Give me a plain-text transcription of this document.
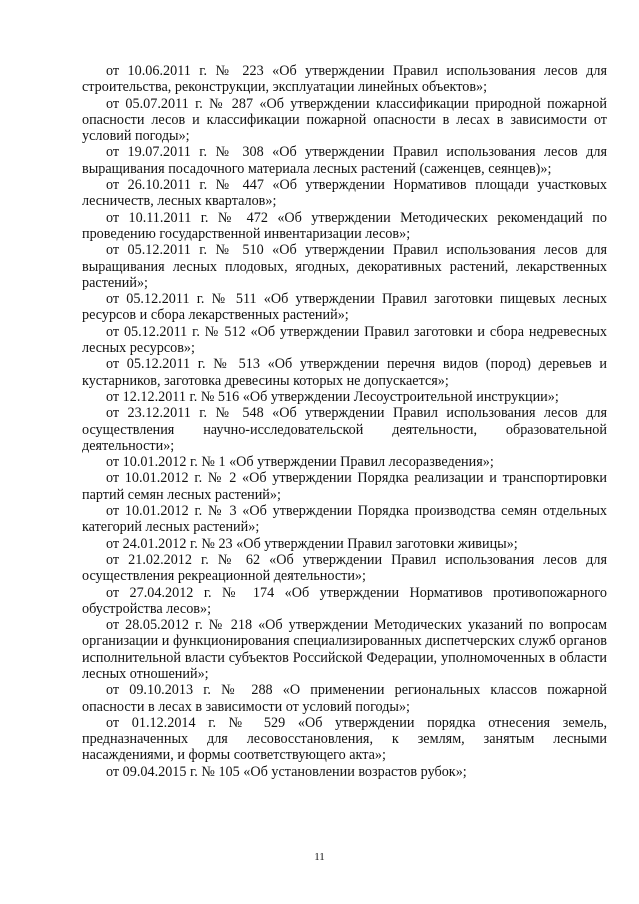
от 10.06.2011 г. № 223 «Об утверждении Правил использования лесов для строительства, реконструкции, эксплуатации линейных объектов»;

от 05.07.2011 г. № 287 «Об утверждении классификации природной пожарной опасности лесов и классификации пожарной опасности в лесах в зависимости от условий погоды»;

от 19.07.2011 г. № 308 «Об утверждении Правил использования лесов для выращивания посадочного материала лесных растений (саженцев, сеянцев)»;

от 26.10.2011 г. № 447 «Об утверждении Нормативов площади участковых лесничеств, лесных кварталов»;

от 10.11.2011 г. № 472 «Об утверждении Методических рекомендаций по проведению государственной инвентаризации лесов»;

от 05.12.2011 г. № 510 «Об утверждении Правил использования лесов для выращивания лесных плодовых, ягодных, декоративных растений, лекарственных растений»;

от 05.12.2011 г. № 511 «Об утверждении Правил заготовки пищевых лесных ресурсов и сбора лекарственных растений»;

от 05.12.2011 г. № 512 «Об утверждении Правил заготовки и сбора недревесных лесных ресурсов»;

от 05.12.2011 г. № 513 «Об утверждении перечня видов (пород) деревьев и кустарников, заготовка древесины которых не допускается»;

от 12.12.2011 г. № 516 «Об утверждении Лесоустроительной инструкции»;

от 23.12.2011 г. № 548 «Об утверждении Правил использования лесов для осуществления научно-исследовательской деятельности, образовательной деятельности»;

от 10.01.2012 г. № 1 «Об утверждении Правил лесоразведения»;

от 10.01.2012 г. № 2 «Об утверждении Порядка реализации и транспортировки партий семян лесных растений»;

от 10.01.2012 г. № 3 «Об утверждении Порядка производства семян отдельных категорий лесных растений»;

от 24.01.2012 г. № 23 «Об утверждении Правил заготовки живицы»;

от 21.02.2012 г. № 62 «Об утверждении Правил использования лесов для осуществления рекреационной деятельности»;

от 27.04.2012 г. № 174 «Об утверждении Нормативов противопожарного обустройства лесов»;

от 28.05.2012 г. № 218 «Об утверждении Методических указаний по вопросам организации и функционирования специализированных диспетчерских служб органов исполнительной власти субъектов Российской Федерации, уполномоченных в области лесных отношений»;

от 09.10.2013 г. № 288 «О применении региональных классов пожарной опасности в лесах в зависимости от условий погоды»;

от 01.12.2014 г. № 529 «Об утверждении порядка отнесения земель, предназначенных для лесовосстановления, к землям, занятым лесными насаждениями, и формы соответствующего акта»;

от 09.04.2015 г. № 105 «Об установлении возрастов рубок»;

11
